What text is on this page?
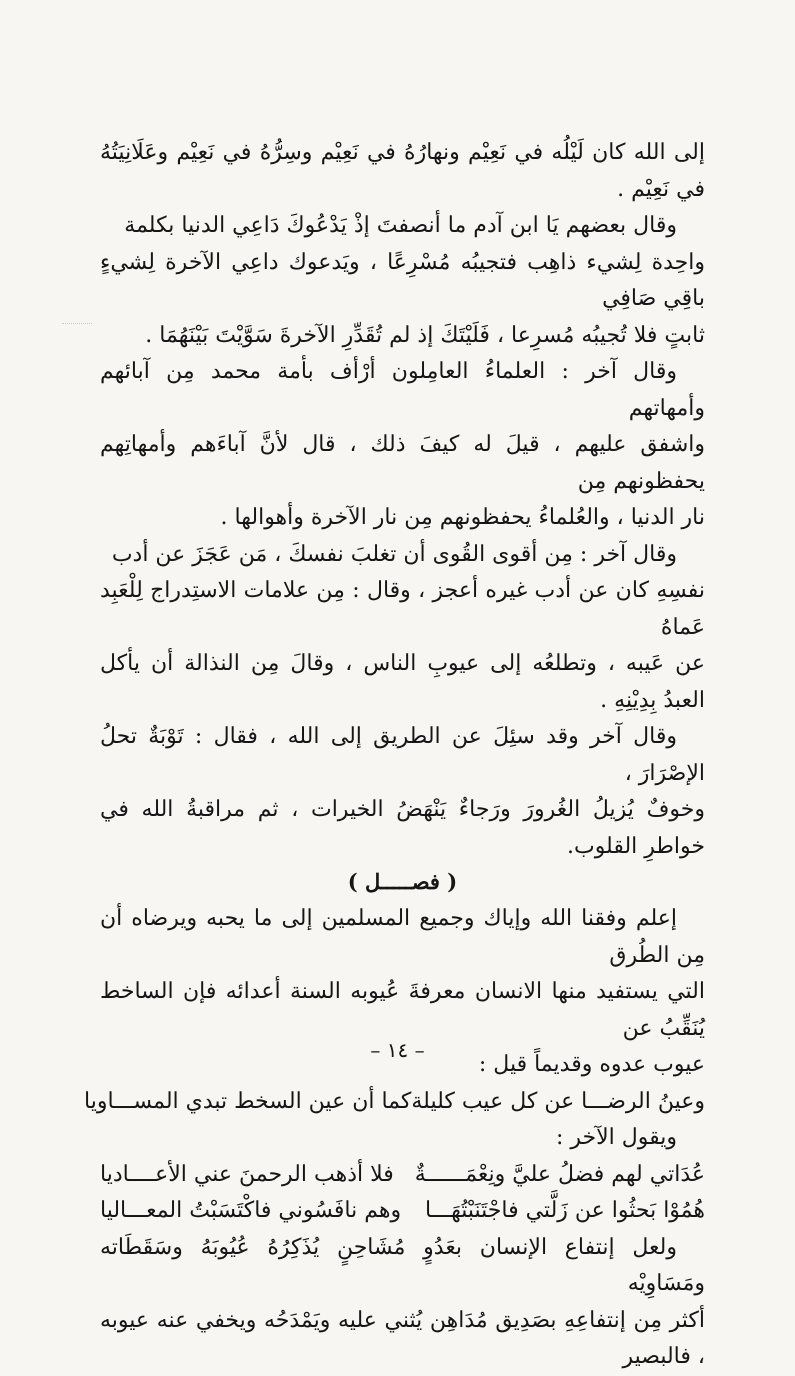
إلى الله كان لَيْلُه في نَعِيْم ونهارُهُ في نَعِيْم وسِرُّهُ في نَعِيْم وعَلَانِيَتُهُ في نَعِيْم .

وقال بعضهم يَا ابن آدم ما أنصفتَ إذْ يَدْعُوكَ دَاعِي الدنيا بكلمة

واحِدة لِشيء ذاهِب فتجيبُه مُسْرِعًا ، ويَدعوك داعِي الآخرة لِشيءٍ باقِي صَافِي

ثابتٍ فلا تُجيبُه مُسرِعا ، فَلَيْتَكَ إذ لم تُقَدِّرِ الآخرةَ سَوَّيْتَ بَيْنَهُمَا .

وقال آخر : العلماءُ العامِلون أرْأف بأمة محمد مِن آبائهم وأمهاتهم

واشفق عليهم ، قيلَ له كيفَ ذلك ، قال لأنَّ آباءَهم وأمهاتِهم يحفظونهم مِن

نار الدنيا ، والعُلماءُ يحفظونهم مِن نار الآخرة وأهوالها .

وقال آخر : مِن أقوى القُوى أن تغلبَ نفسكَ ، مَن عَجَزَ عن أدب

نفسِهِ كان عن أدب غيره أعجز ، وقال : مِن علامات الاستِدراج لِلْعَبِد عَماهُ

عن عَيبه ، وتطلعُه إلى عيوبِ الناس ، وقالَ مِن النذالة أن يأكل العبدُ بِدِيْنِهِ .

وقال آخر وقد سئِلَ عن الطريق إلى الله ، فقال : تَوْبَةٌ تحلُ الإصْرَارَ ،

وخوفٌ يُزيلُ الغُرورَ ورَجاءٌ يَنْهَضُ الخيرات ، ثم مراقبةُ الله في خواطرِ القلوب.

( فصـــــل )

إعلم وفقنا الله وإياك وجميع المسلمين إلى ما يحبه ويرضاه أن مِن الطُرق

التي يستفيد منها الانسان معرفةَ عُيوبه السنة أعدائه فإن الساخط يُنَقِّبُ عن

عيوب عدوه وقديماً قيل :

وعينُ الرضـــا عن كل عيب كليلة
كما أن عين السخط تبدي المســـاويا

ويقول الآخر :

عُدَاتي لهم فضلُ عليَّ ونِعْمَــــــةٌ
فلا أذهب الرحمنَ عني الأعــــاديا
هُمُوْا بَحثُوا عن زَلَّتي فاجْتَنَبْتُهَـــا
وهم نافَسُوني فاكْتَسَبْتُ المعـــاليا

ولعل إنتفاع الإنسان بعَدُوٍ مُشَاحِنٍ يُذَكِرُهُ عُيُوبَهُ وسَقَطَاته ومَسَاوِيْه

أكثر مِن إنتفاعِهِ بصَدِيق مُدَاهِن يُثني عليه ويَمْدَحُه ويخفي عنه عيوبه ، فالبصير

– ١٤ –
